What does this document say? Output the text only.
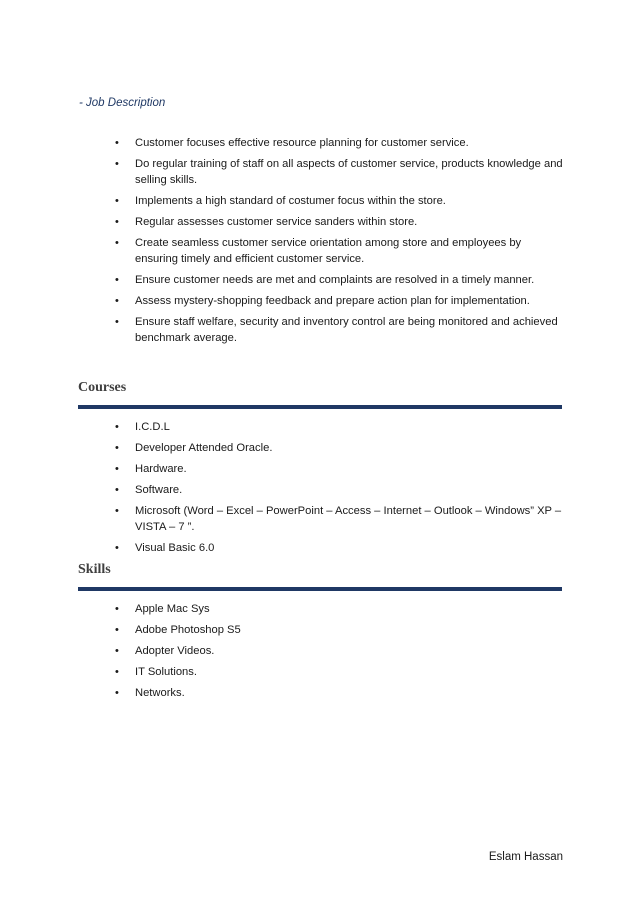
- Job Description
• Customer focuses effective resource planning for customer service.
• Do regular training of staff on all aspects of customer service, products knowledge and selling skills.
• Implements a high standard of costumer focus within the store.
• Regular assesses customer service sanders within store.
• Create seamless customer service orientation among store and employees by ensuring timely and efficient customer service.
• Ensure customer needs are met and complaints are resolved in a timely manner.
• Assess mystery-shopping feedback and prepare action plan for implementation.
• Ensure staff welfare, security and inventory control are being monitored and achieved benchmark average.
Courses
• I.C.D.L
• Developer Attended Oracle.
• Hardware.
• Software.
• Microsoft (Word – Excel – PowerPoint – Access – Internet – Outlook – Windows” XP – VISTA – 7 ”.
• Visual Basic 6.0
Skills
• Apple Mac Sys
• Adobe Photoshop S5
• Adopter Videos.
• IT Solutions.
• Networks.
Eslam Hassan
